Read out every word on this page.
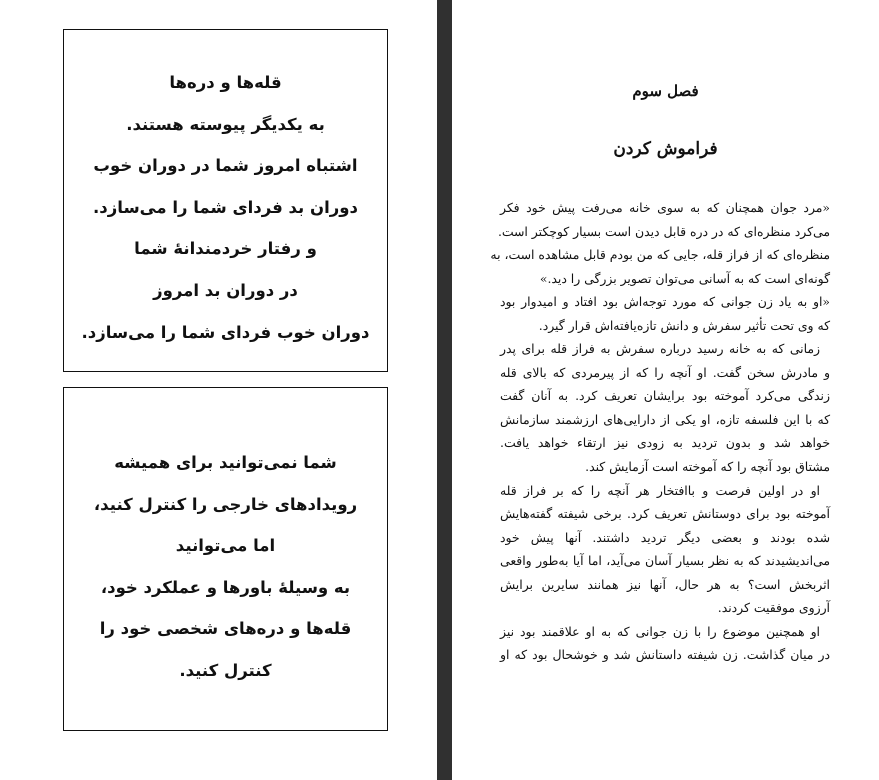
قله‌ها و دره‌ها
به یکدیگر پیوسته هستند.
اشتباه امروز شما در دوران خوب
دوران بد فردای شما را می‌سازد.
و رفتار خردمندانهٔ شما
در دوران بد امروز
دوران خوب فردای شما را می‌سازد.
شما نمی‌توانید برای همیشه
رویدادهای خارجی را کنترل کنید،
اما می‌توانید
به وسیلهٔ باورها و عملکرد خود،
قله‌ها و دره‌های شخصی خود را
کنترل کنید.
فصل سوم
فراموش کردن
«مرد جوان همچنان که به سوی خانه می‌رفت پیش خود فکر
می‌کرد منظره‌ای که در دره قابل دیدن است بسیار کوچکتر است.
منظره‌ای که از فراز قله، جایی که من بودم قابل مشاهده است، به
گونه‌ای است که به آسانی می‌توان تصویر بزرگی را دید.»
«او به یاد زن جوانی که مورد توجه‌اش بود افتاد و امیدوار بود
که وی تحت تأثیر سفرش و دانش تازه‌یافته‌اش قرار گیرد.
زمانی که به خانه رسید درباره سفرش به فراز قله برای پدر
و مادرش سخن گفت. او آنچه را که از پیرمردی که بالای قله
زندگی می‌کرد آموخته بود برایشان تعریف کرد. به آنان گفت
که با این فلسفه تازه، او یکی از دارایی‌های ارزشمند سازمانش
خواهد شد و بدون تردید به زودی نیز ارتقاء خواهد یافت.
مشتاق بود آنچه را که آموخته است آزمایش کند.
او در اولین فرصت و باافتخار هر آنچه را که بر فراز قله
آموخته بود برای دوستانش تعریف کرد. برخی شیفته گفته‌هایش
شده بودند و بعضی دیگر تردید داشتند. آنها پیش خود
می‌اندیشیدند که به نظر بسیار آسان می‌آید، اما آیا به‌طور واقعی
اثربخش است؟ به هر حال، آنها نیز همانند سایرین برایش
آرزوی موفقیت کردند.
او همچنین موضوع را با زن جوانی که به او علاقمند بود نیز
در میان گذاشت. زن شیفته داستانش شد و خوشحال بود که او
